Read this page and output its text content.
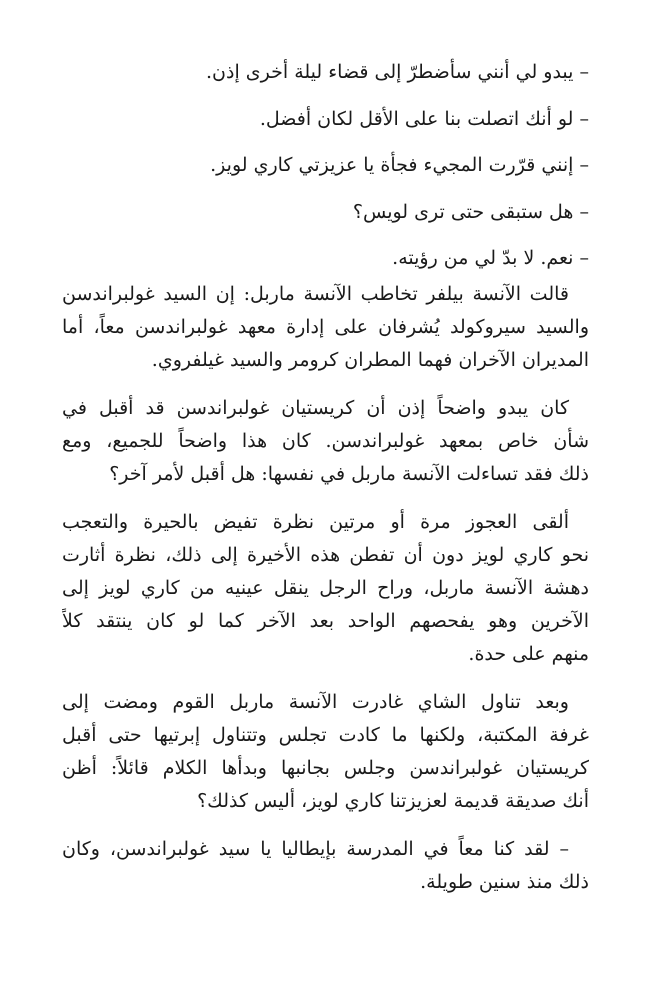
– يبدو لي أنني سأضطرّ إلى قضاء ليلة أخرى إذن.
– لو أنك اتصلت بنا على الأقل لكان أفضل.
– إنني قرّرت المجيء فجأة يا عزيزتي كاري لويز.
– هل ستبقى حتى ترى لويس؟
– نعم. لا بدّ لي من رؤيته.
قالت الآنسة بيلفر تخاطب الآنسة ماربل: إن السيد غولبراندسن
والسيد سيروكولد يُشرفان على إدارة معهد غولبراندسن معاً، أما
المديران الآخران فهما المطران كرومر والسيد غيلفروي.
كان يبدو واضحاً إذن أن كريستيان غولبراندسن قد أقبل في
شأن خاص بمعهد غولبراندسن. كان هذا واضحاً للجميع، ومع
ذلك فقد تساءلت الآنسة ماربل في نفسها: هل أقبل لأمر آخر؟
ألقى العجوز مرة أو مرتين نظرة تفيض بالحيرة والتعجب
نحو كاري لويز دون أن تفطن هذه الأخيرة إلى ذلك، نظرة أثارت
دهشة الآنسة ماربل، وراح الرجل ينقل عينيه من كاري لويز إلى
الآخرين وهو يفحصهم الواحد بعد الآخر كما لو كان ينتقد كلاً
منهم على حدة.
وبعد تناول الشاي غادرت الآنسة ماربل القوم ومضت إلى
غرفة المكتبة، ولكنها ما كادت تجلس وتتناول إبرتيها حتى أقبل
كريستيان غولبراندسن وجلس بجانبها وبدأها الكلام قائلاً: أظن
أنك صديقة قديمة لعزيزتنا كاري لويز، أليس كذلك؟
– لقد كنا معاً في المدرسة بإيطاليا يا سيد غولبراندسن، وكان
ذلك منذ سنين طويلة.
